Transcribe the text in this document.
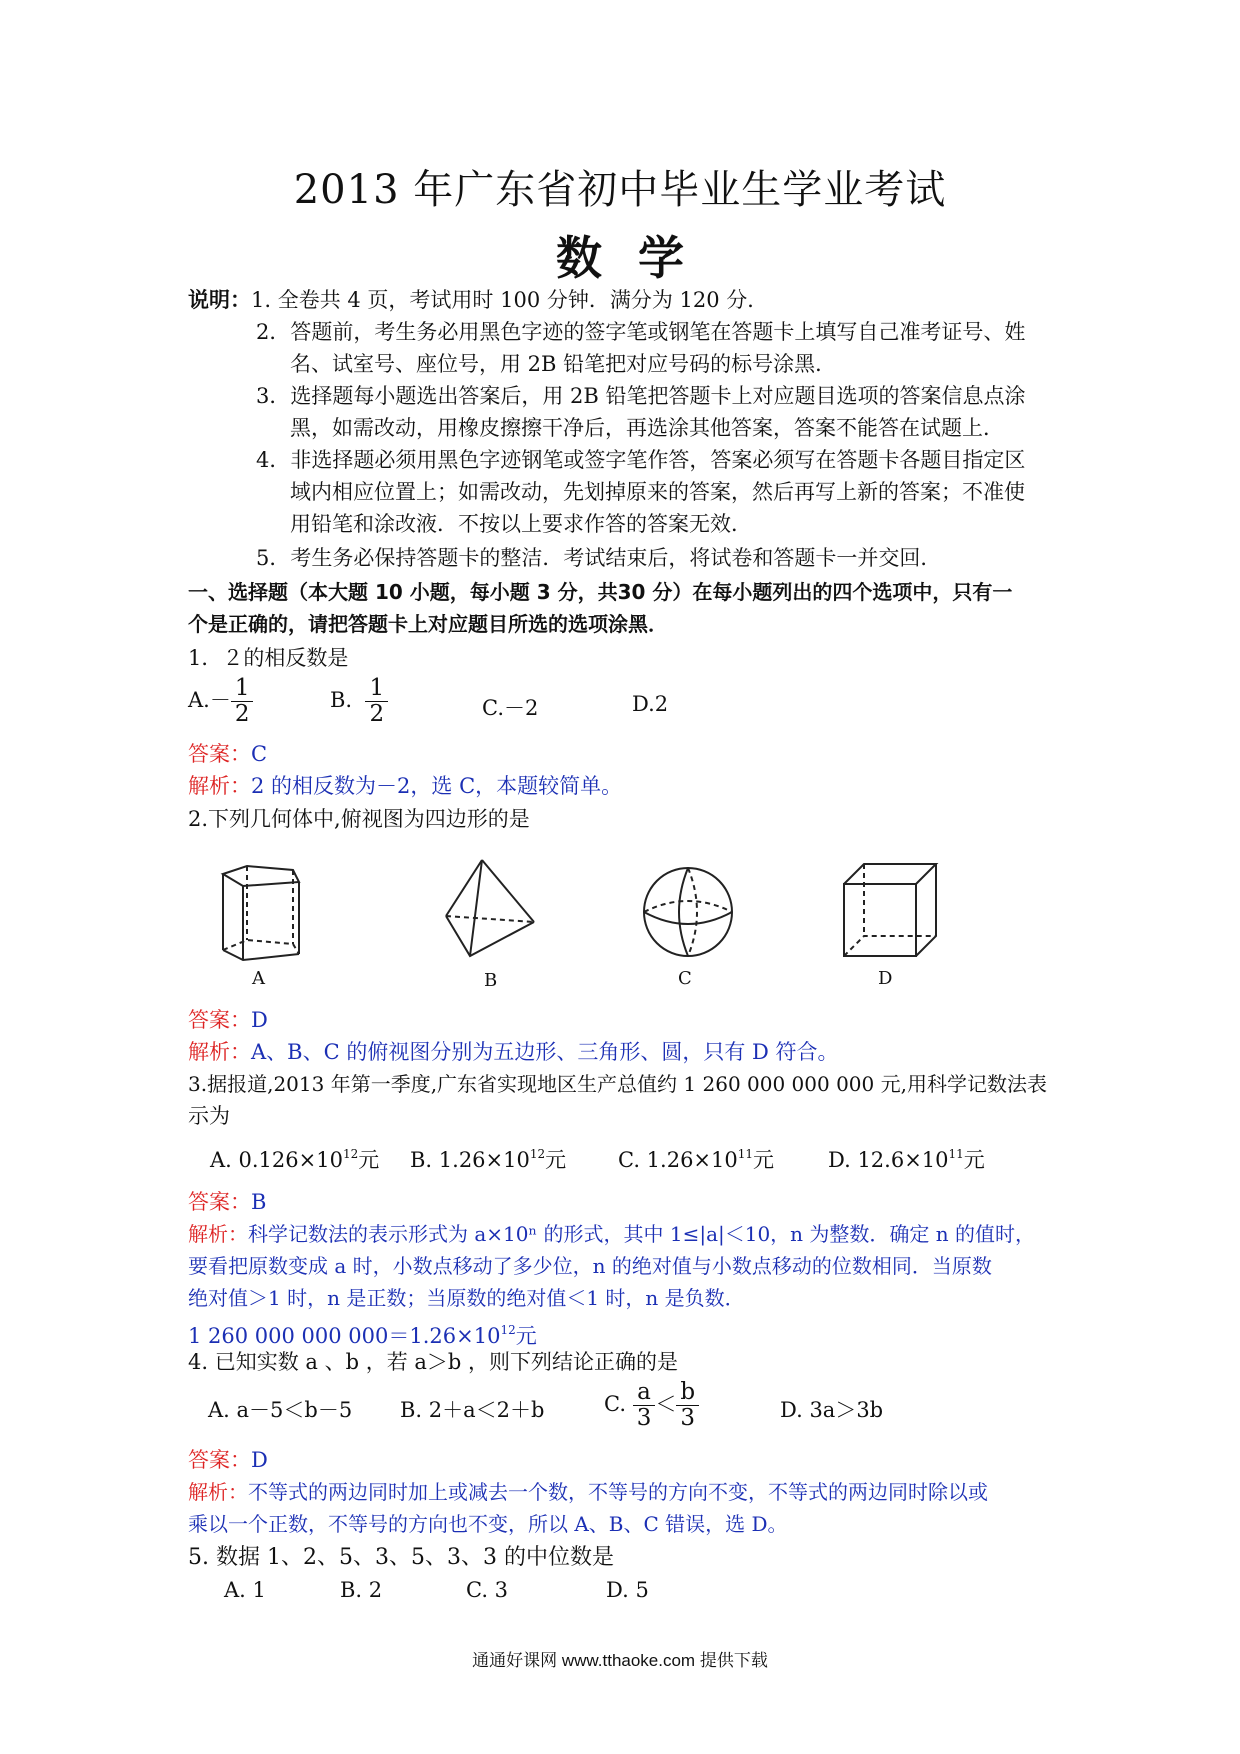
2013 年广东省初中毕业生学业考试
数学
说明：1. 全卷共 4 页，考试用时 100 分钟．满分为 120 分．
2．答题前，考生务必用黑色字迹的签字笔或钢笔在答题卡上填写自己准考证号、姓
名、试室号、座位号，用 2B 铅笔把对应号码的标号涂黑．
3．选择题每小题选出答案后，用 2B 铅笔把答题卡上对应题目选项的答案信息点涂
黑，如需改动，用橡皮擦擦干净后，再选涂其他答案，答案不能答在试题上．
4．非选择题必须用黑色字迹钢笔或签字笔作答，答案必须写在答题卡各题目指定区
域内相应位置上；如需改动，先划掉原来的答案，然后再写上新的答案；不准使
用铅笔和涂改液．不按以上要求作答的答案无效．
5．考生务必保持答题卡的整洁．考试结束后，将试卷和答题卡一并交回．
一、选择题（本大题 10 小题，每小题 3 分，共30 分）在每小题列出的四个选项中，只有一
个是正确的，请把答题卡上对应题目所选的选项涂黑．
1．２的相反数是
$A.- \frac{1}{2}$	B. $\frac{1}{2}$	C.－2	D.2
答案：C
解析：2 的相反数为－2，选 C，本题较简单。
2.下列几何体中,俯视图为四边形的是
A	B	C	D
答案：D
解析：A、B、C 的俯视图分别为五边形、三角形、圆，只有 D 符合。
3.据报道,2013 年第一季度,广东省实现地区生产总值约 1 260 000 000 000 元,用科学记数法表
示为
A. $0.126\times 10^{12}$元 B. $1.26\times 10^{12}$元 C. $1.26\times 10^{11}$元	D. $12.6\times 10^{11}$元
答案：B
解析：科学记数法的表示形式为 a×10ⁿ 的形式，其中 1≤|a|＜10，n 为整数．确定 n 的值时，
要看把原数变成 a 时，小数点移动了多少位，n 的绝对值与小数点移动的位数相同．当原数
绝对值＞1 时，n 是正数；当原数的绝对值＜1 时，n 是负数．
1 260 000 000 $000=1.26\times 10^{12}$元
4. 已知实数 a 、b ，若 a＞b ，则下列结论正确的是
A. a－5＜b－5 B. 2＋a＜2＋b	C. $\frac{a}{3} < \frac{b}{3}$	D. 3a＞3b
答案：D
解析：不等式的两边同时加上或减去一个数，不等号的方向不变，不等式的两边同时除以或
乘以一个正数，不等号的方向也不变，所以 A、B、C 错误，选 D。
5. 数据 1、2、5、3、5、3、3 的中位数是
A. 1	B. 2	C. 3	D. 5
通通好课网 www.tthaoke.com 提供下载
